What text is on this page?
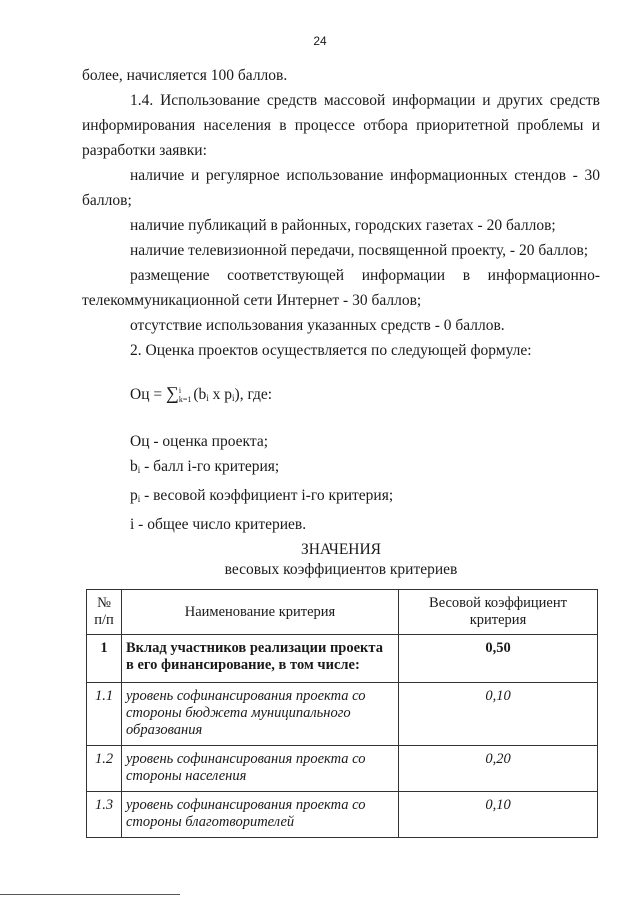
24

более, начисляется 100 баллов.

1.4. Использование средств массовой информации и других средств информирования населения в процессе отбора приоритетной проблемы и разработки заявки:

наличие и регулярное использование информационных стендов - 30 баллов;

наличие публикаций в районных, городских газетах - 20 баллов;

наличие телевизионной передачи, посвященной проекту, - 20 баллов;

размещение соответствующей информации в информационно-телекоммуникационной сети Интернет - 30 баллов;

отсутствие использования указанных средств - 0 баллов.

2. Оценка проектов осуществляется по следующей формуле:

Оц = ∑ i
k=1 ($b_i$ x $p_i$), где:

Оц - оценка проекта;

$b_i$ - балл i-го критерия;

$p_i$ - весовой коэффициент i-го критерия;

i - общее число критериев.

ЗНАЧЕНИЯ
весовых коэффициентов критериев
№ п/п	Наименование критерия	Весовой коэффициент критерия
1	Вклад участников реализации проекта в его финансирование, в том числе:	0,50
1.1	уровень софинансирования проекта со стороны бюджета муниципального образования	0,10
1.2	уровень софинансирования проекта со стороны населения	0,20
1.3	уровень софинансирования проекта со стороны благотворителей	0,10
